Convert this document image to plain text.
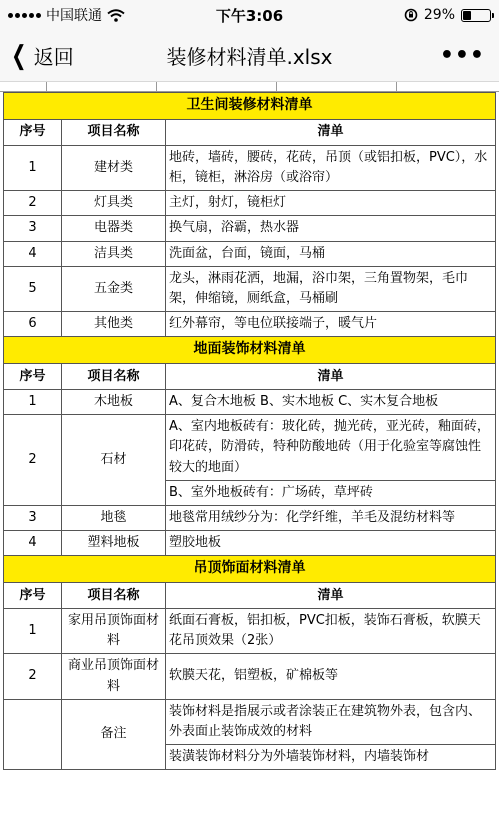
中国联通	下午3:06	29%
❮ 返回	装修材料清单.xlsx	•••
卫生间装修材料清单		
序号	项目名称	清单
1	建材类	地砖，墙砖，腰砖，花砖，吊顶（或铝扣板，PVC），水柜，镜柜，淋浴房（或浴帘）
2	灯具类	主灯，射灯，镜柜灯
3	电器类	换气扇，浴霸，热水器
4	洁具类	洗面盆，台面，镜面，马桶
5	五金类	龙头，淋雨花洒，地漏，浴巾架，三角置物架，毛巾架，伸缩镜，厕纸盒，马桶刷
6	其他类	红外幕帘，等电位联接端子，暖气片
地面装饰材料清单		
序号	项目名称	清单
1	木地板	A、复合木地板 B、实木地板 C、实木复合地板
2	石材	A、室内地板砖有：玻化砖，抛光砖，亚光砖，釉面砖，印花砖，防滑砖，特种防酸地砖（用于化验室等腐蚀性较大的地面）
		B、室外地板砖有：广场砖，草坪砖
3	地毯	地毯常用绒纱分为：化学纤维，羊毛及混纺材料等
4	塑料地板	塑胶地板
吊顶饰面材料清单		
序号	项目名称	清单
1	家用吊顶饰面材料	纸面石膏板，铝扣板，PVC扣板，装饰石膏板，软膜天花吊顶效果（2张）
2	商业吊顶饰面材料	软膜天花，铝塑板，矿棉板等
	备注	装饰材料是指展示或者涂装正在建筑物外表，包含内、外表面止装饰成效的材料
		装潢装饰材料分为外墙装饰材料，内墙装饰材
